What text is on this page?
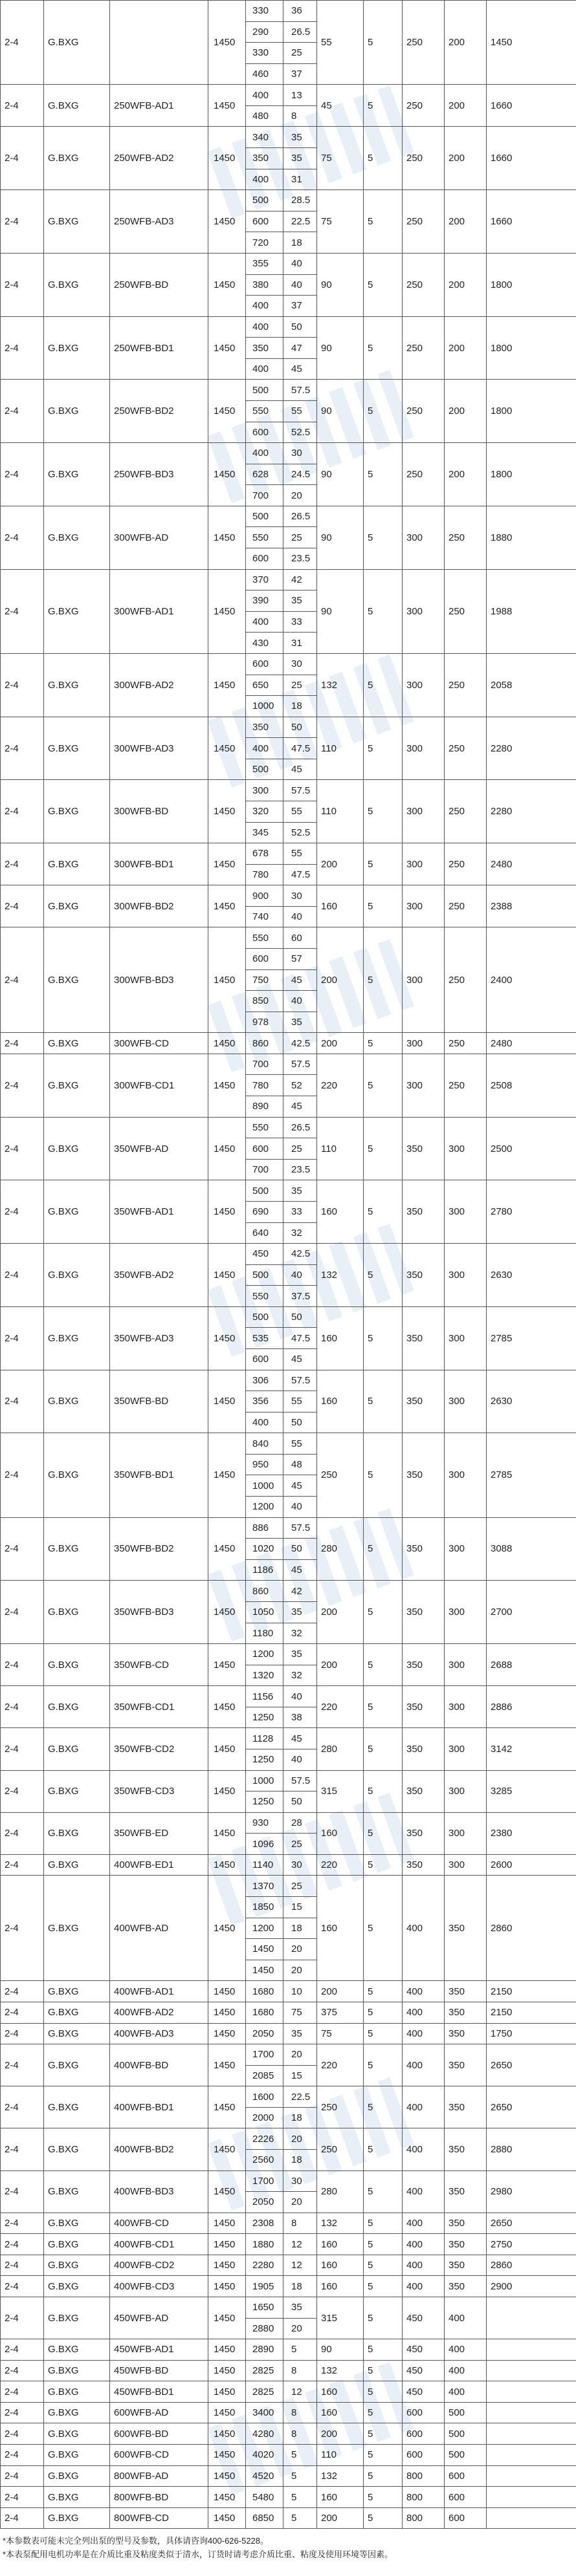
2-4	G.BXG		1450	330	36	55	5	250	200	1450
				290	26.5					
				330	25					
				460	37					
2-4	G.BXG	250WFB-AD1	1450	400	13	45	5	250	200	1660
				480	8					
2-4	G.BXG	250WFB-AD2	1450	340	35	75	5	250	200	1660
				350	35					
				400	31					
2-4	G.BXG	250WFB-AD3	1450	500	28.5	75	5	250	200	1660
				600	22.5					
				720	18					
2-4	G.BXG	250WFB-BD	1450	355	40	90	5	250	200	1800
				380	40					
				400	37					
2-4	G.BXG	250WFB-BD1	1450	400	50	90	5	250	200	1800
				350	47					
				400	45					
2-4	G.BXG	250WFB-BD2	1450	500	57.5	90	5	250	200	1800
				550	55					
				600	52.5					
2-4	G.BXG	250WFB-BD3	1450	400	30	90	5	250	200	1800
				628	24.5					
				700	20					
2-4	G.BXG	300WFB-AD	1450	500	26.5	90	5	300	250	1880
				550	25					
				600	23.5					
2-4	G.BXG	300WFB-AD1	1450	370	42	90	5	300	250	1988
				390	35					
				400	33					
				430	31					
2-4	G.BXG	300WFB-AD2	1450	600	30	132	5	300	250	2058
				650	25					
				1000	18					
2-4	G.BXG	300WFB-AD3	1450	350	50	110	5	300	250	2280
				400	47.5					
				500	45					
2-4	G.BXG	300WFB-BD	1450	300	57.5	110	5	300	250	2280
				320	55					
				345	52.5					
2-4	G.BXG	300WFB-BD1	1450	678	55	200	5	300	250	2480
				780	47.5					
2-4	G.BXG	300WFB-BD2	1450	900	30	160	5	300	250	2388
				740	40					
2-4	G.BXG	300WFB-BD3	1450	550	60	200	5	300	250	2400
				600	57					
				750	45					
				850	40					
				978	35					
2-4	G.BXG	300WFB-CD	1450	860	42.5	200	5	300	250	2480
2-4	G.BXG	300WFB-CD1	1450	700	57.5	220	5	300	250	2508
				780	52					
				890	45					
2-4	G.BXG	350WFB-AD	1450	550	26.5	110	5	350	300	2500
				600	25					
				700	23.5					
2-4	G.BXG	350WFB-AD1	1450	500	35	160	5	350	300	2780
				690	33					
				640	32					
2-4	G.BXG	350WFB-AD2	1450	450	42.5	132	5	350	300	2630
				500	40					
				550	37.5					
2-4	G.BXG	350WFB-AD3	1450	500	50	160	5	350	300	2785
				535	47.5					
				600	45					
2-4	G.BXG	350WFB-BD	1450	306	57.5	160	5	350	300	2630
				356	55					
				400	50					
2-4	G.BXG	350WFB-BD1	1450	840	55	250	5	350	300	2785
				950	48					
				1000	45					
				1200	40					
2-4	G.BXG	350WFB-BD2	1450	886	57.5	280	5	350	300	3088
				1020	50					
				1186	45					
2-4	G.BXG	350WFB-BD3	1450	860	42	200	5	350	300	2700
				1050	35					
				1180	32					
2-4	G.BXG	350WFB-CD	1450	1200	35	200	5	350	300	2688
				1320	32					
2-4	G.BXG	350WFB-CD1	1450	1156	40	220	5	350	300	2886
				1250	38					
2-4	G.BXG	350WFB-CD2	1450	1128	45	280	5	350	300	3142
				1250	40					
2-4	G.BXG	350WFB-CD3	1450	1000	57.5	315	5	350	300	3285
				1250	50					
2-4	G.BXG	350WFB-ED	1450	930	28	160	5	350	300	2380
				1096	25					
2-4	G.BXG	400WFB-ED1	1450	1140	30	220	5	350	300	2600
2-4	G.BXG	400WFB-AD	1450	1370	25	160	5	400	350	2860
				1850	15					
				1200	18					
				1450	20					
				1450	20					
2-4	G.BXG	400WFB-AD1	1450	1680	10	200	5	400	350	2150
2-4	G.BXG	400WFB-AD2	1450	1680	75	375	5	400	350	2150
2-4	G.BXG	400WFB-AD3	1450	2050	35	75	5	400	350	1750
2-4	G.BXG	400WFB-BD	1450	1700	20	220	5	400	350	2650
				2085	15					
2-4	G.BXG	400WFB-BD1	1450	1600	22.5	250	5	400	350	2650
				2000	18					
2-4	G.BXG	400WFB-BD2	1450	2226	20	250	5	400	350	2880
				2560	18					
2-4	G.BXG	400WFB-BD3	1450	1700	30	280	5	400	350	2980
				2050	20					
2-4	G.BXG	400WFB-CD	1450	2308	8	132	5	400	350	2650
2-4	G.BXG	400WFB-CD1	1450	1880	12	160	5	400	350	2750
2-4	G.BXG	400WFB-CD2	1450	2280	12	160	5	400	350	2860
2-4	G.BXG	400WFB-CD3	1450	1905	18	160	5	400	350	2900
2-4	G.BXG	450WFB-AD	1450	1650	35	315	5	450	400	
				2880	20					
2-4	G.BXG	450WFB-AD1	1450	2890	5	90	5	450	400	
2-4	G.BXG	450WFB-BD	1450	2825	8	132	5	450	400	
2-4	G.BXG	450WFB-BD1	1450	2825	12	160	5	450	400	
2-4	G.BXG	600WFB-AD	1450	3400	8	160	5	600	500	
2-4	G.BXG	600WFB-BD	1450	4280	8	200	5	600	500	
2-4	G.BXG	600WFB-CD	1450	4020	5	110	5	600	500	
2-4	G.BXG	800WFB-AD	1450	4520	5	132	5	800	600	
2-4	G.BXG	800WFB-BD	1450	5480	5	160	5	800	600	
2-4	G.BXG	800WFB-CD	1450	6850	5	200	5	800	600	
*本参数表可能未完全列出泵的型号及参数，具体请咨询400-626-5228。
*本表泵配用电机功率是在介质比重及粘度类似于清水，订货时请考虑介质比重、粘度及使用环境等因素。
